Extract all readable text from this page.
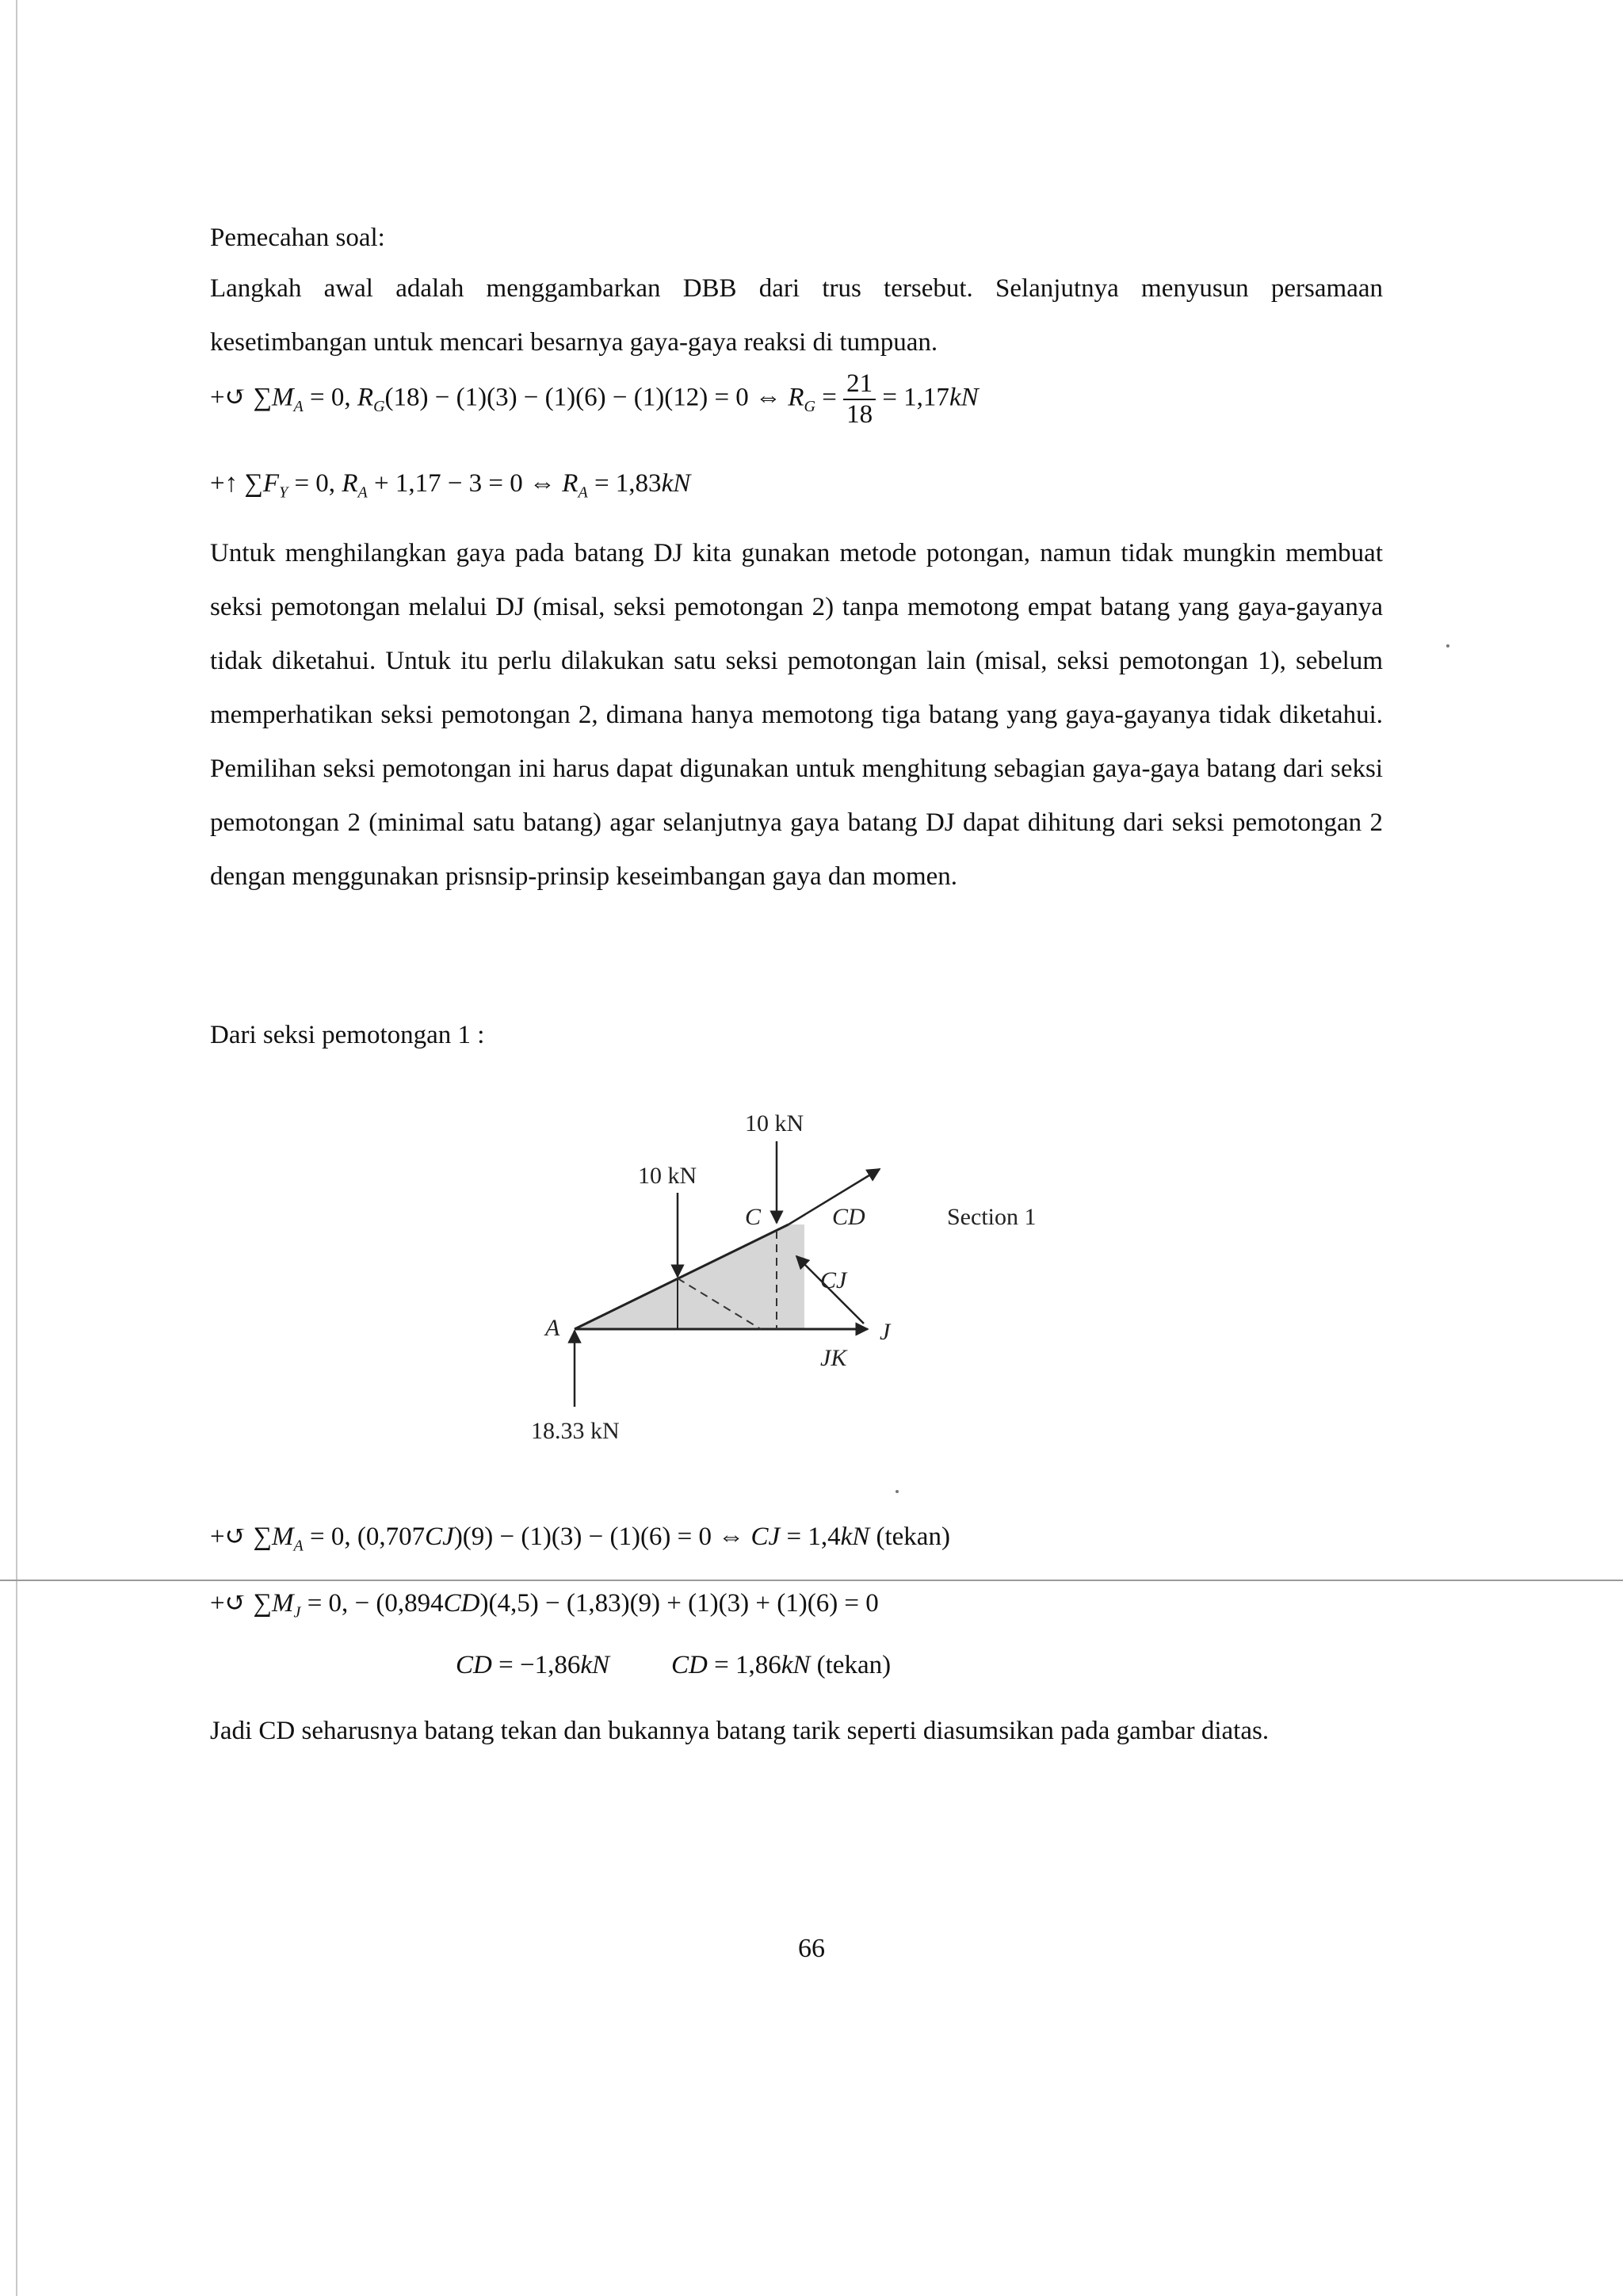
Pemecahan soal:

Langkah awal adalah menggambarkan DBB dari trus tersebut. Selanjutnya menyusun persamaan kesetimbangan untuk mencari besarnya gaya-gaya reaksi di tumpuan.

+↺ $\sum M_A = 0$, $R_G(18) - (1)(3) - (1)(6) - (1)(12) = 0$ ⇔ $R_G = \frac{21}{18} = 1,17kN$
+↑ $\sum F_Y = 0$, $R_A + 1,17 - 3 = 0$ ⇔ $R_A = 1,83kN$

Untuk menghilangkan gaya pada batang DJ kita gunakan metode potongan, namun tidak mungkin membuat seksi pemotongan melalui DJ (misal, seksi pemotongan 2) tanpa memotong empat batang yang gaya-gayanya tidak diketahui. Untuk itu perlu dilakukan satu seksi pemotongan lain (misal, seksi pemotongan 1), sebelum memperhatikan seksi pemotongan 2, dimana hanya memotong tiga batang yang gaya-gayanya tidak diketahui. Pemilihan seksi pemotongan ini harus dapat digunakan untuk menghitung sebagian gaya-gaya batang dari seksi pemotongan 2 (minimal satu batang) agar selanjutnya gaya batang DJ dapat dihitung dari seksi pemotongan 2 dengan menggunakan prisnsip-prinsip keseimbangan gaya dan momen.

Dari seksi pemotongan 1 :

10 kN
10 kN
C	CD
CJ
J
JK
A
18.33 kN
Section 1
+↺ $\sum M_A = 0$, (0,707CJ)(9) − (1)(3) − (1)(6) = 0 ⇔ CJ = 1,4kN (tekan)
+↺ $\sum M_J = 0$, − (0,894CD)(4,5) − (1,83)(9) + (1)(3) + (1)(6) = 0
CD = −1,86kN CD = 1,86kN (tekan)

Jadi CD seharusnya batang tekan dan bukannya batang tarik seperti diasumsikan pada gambar diatas.

66
